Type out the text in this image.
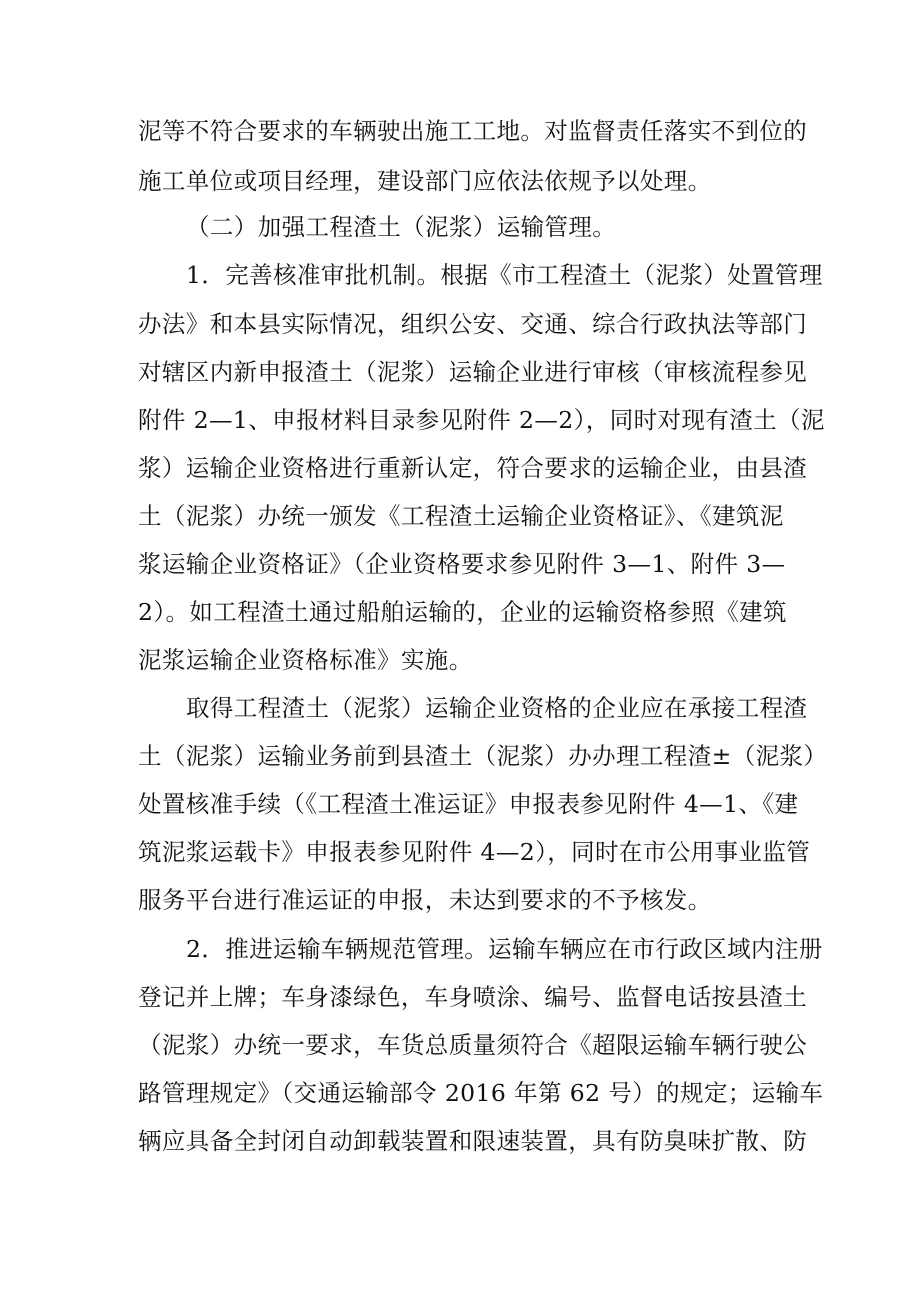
泥等不符合要求的车辆驶出施工工地。对监督责任落实不到位的
施工单位或项目经理，建设部门应依法依规予以处理。
（二）加强工程渣土（泥浆）运输管理。
1．完善核准审批机制。根据《市工程渣土（泥浆）处置管理
办法》和本县实际情况，组织公安、交通、综合行政执法等部门
对辖区内新申报渣土（泥浆）运输企业进行审核（审核流程参见
附件 2—1、申报材料目录参见附件 2—2），同时对现有渣土（泥
浆）运输企业资格进行重新认定，符合要求的运输企业，由县渣
土（泥浆）办统一颁发《工程渣土运输企业资格证》、《建筑泥
浆运输企业资格证》（企业资格要求参见附件 3—1、附件 3—
2）。如工程渣土通过船舶运输的，企业的运输资格参照《建筑
泥浆运输企业资格标准》实施。
取得工程渣土（泥浆）运输企业资格的企业应在承接工程渣
土（泥浆）运输业务前到县渣土（泥浆）办办理工程渣±（泥浆）
处置核准手续（《工程渣土准运证》申报表参见附件 4—1、《建
筑泥浆运载卡》申报表参见附件 4—2），同时在市公用事业监管
服务平台进行准运证的申报，未达到要求的不予核发。
2．推进运输车辆规范管理。运输车辆应在市行政区域内注册
登记并上牌；车身漆绿色，车身喷涂、编号、监督电话按县渣土
（泥浆）办统一要求，车货总质量须符合《超限运输车辆行驶公
路管理规定》（交通运输部令 2016 年第 62 号）的规定；运输车
辆应具备全封闭自动卸载装置和限速装置，具有防臭味扩散、防
